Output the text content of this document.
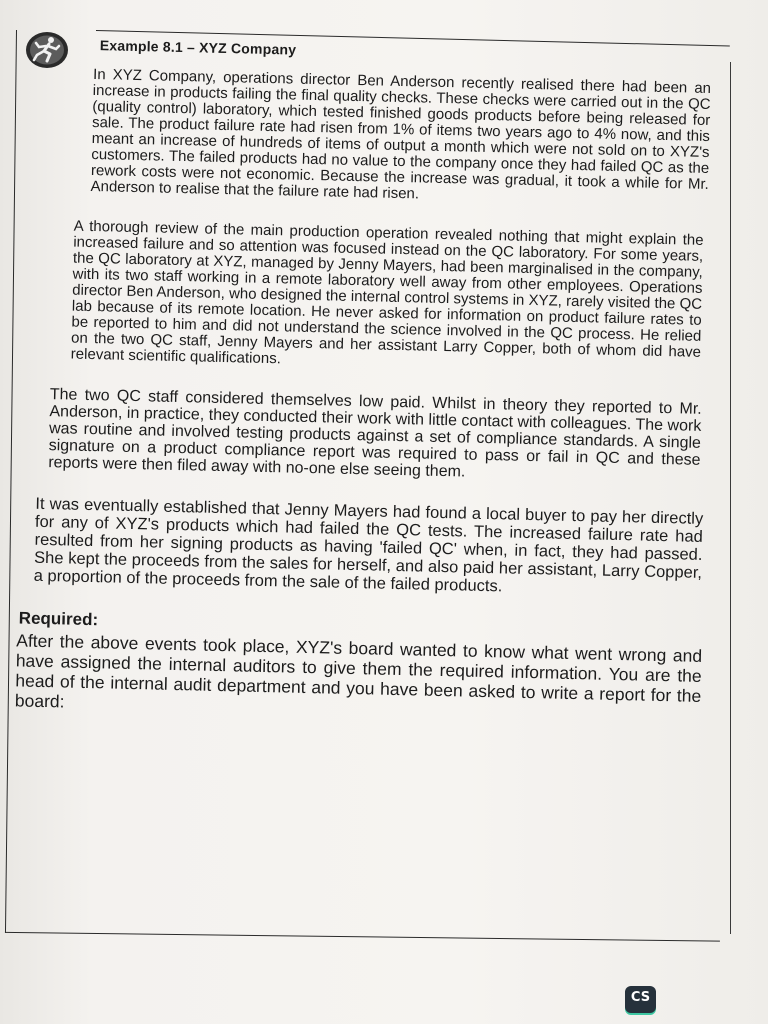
Example 8.1 – XYZ Company

In XYZ Company, operations director Ben Anderson recently realised there had been an increase in products failing the final quality checks. These checks were carried out in the QC (quality control) laboratory, which tested finished goods products before being released for sale. The product failure rate had risen from 1% of items two years ago to 4% now, and this meant an increase of hundreds of items of output a month which were not sold on to XYZ's customers. The failed products had no value to the company once they had failed QC as the rework costs were not economic. Because the increase was gradual, it took a while for Mr. Anderson to realise that the failure rate had risen.

A thorough review of the main production operation revealed nothing that might explain the increased failure and so attention was focused instead on the QC laboratory. For some years, the QC laboratory at XYZ, managed by Jenny Mayers, had been marginalised in the company, with its two staff working in a remote laboratory well away from other employees. Operations director Ben Anderson, who designed the internal control systems in XYZ, rarely visited the QC lab because of its remote location. He never asked for information on product failure rates to be reported to him and did not understand the science involved in the QC process. He relied on the two QC staff, Jenny Mayers and her assistant Larry Copper, both of whom did have relevant scientific qualifications.

The two QC staff considered themselves low paid. Whilst in theory they reported to Mr. Anderson, in practice, they conducted their work with little contact with colleagues. The work was routine and involved testing products against a set of compliance standards. A single signature on a product compliance report was required to pass or fail in QC and these reports were then filed away with no-one else seeing them.

It was eventually established that Jenny Mayers had found a local buyer to pay her directly for any of XYZ's products which had failed the QC tests. The increased failure rate had resulted from her signing products as having 'failed QC' when, in fact, they had passed. She kept the proceeds from the sales for herself, and also paid her assistant, Larry Copper, a proportion of the proceeds from the sale of the failed products.

Required:

After the above events took place, XYZ's board wanted to know what went wrong and have assigned the internal auditors to give them the required information. You are the head of the internal audit department and you have been asked to write a report for the board:

CS
